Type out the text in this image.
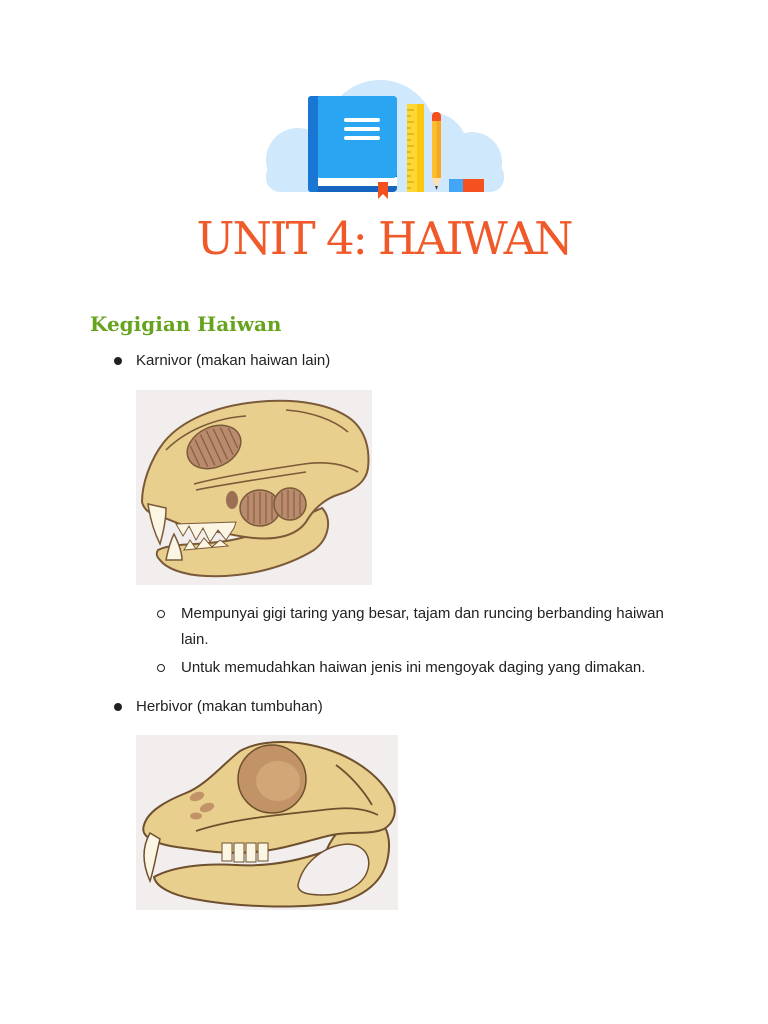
UNIT 4: HAIWAN
Kegigian Haiwan
Karnivor (makan haiwan lain)
Mempunyai gigi taring yang besar, tajam dan runcing berbanding haiwan lain.
Untuk memudahkan haiwan jenis ini mengoyak daging yang dimakan.
Herbivor (makan tumbuhan)
